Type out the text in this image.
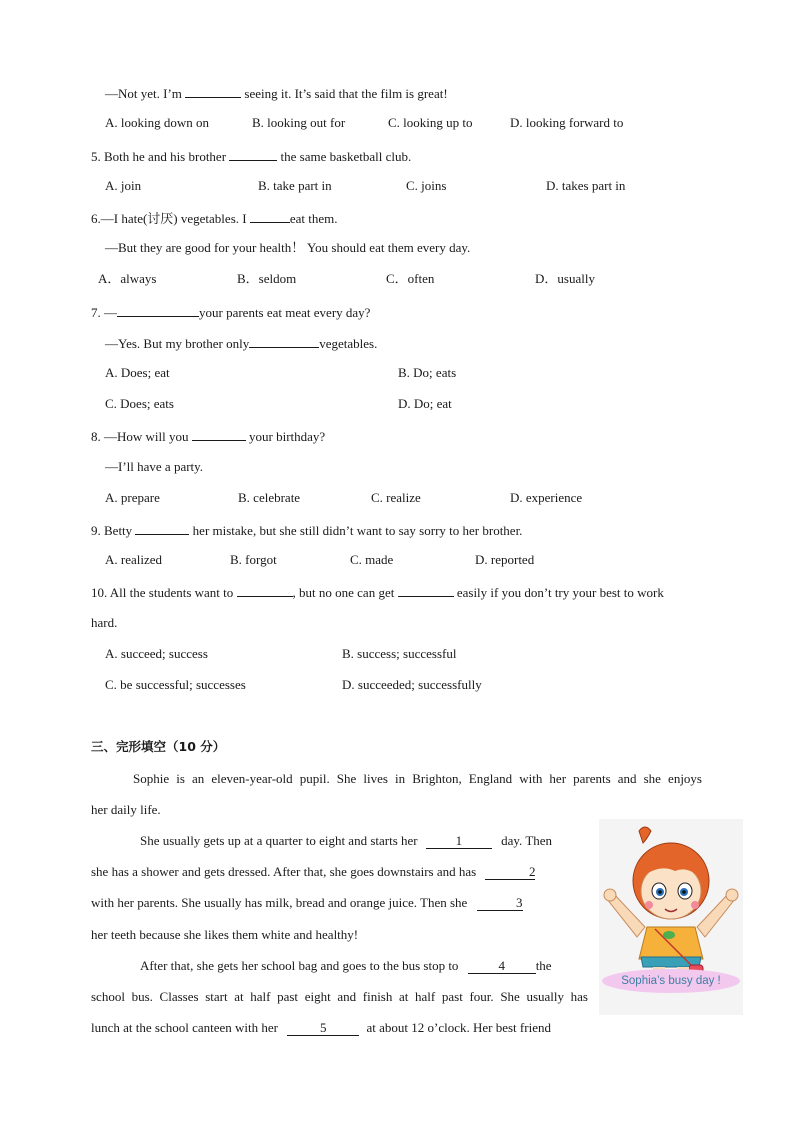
—Not yet. I’m	seeing it. It’s said that the film is great!
A. looking down on	B. looking out for	C. looking up to	D. looking forward to
5. Both he and his brother	the same basketball club.
A. join	B. take part in	C. joins	D. takes part in
6.—I hate(讨厌) vegetables. I	eat them.
—But they are good for your health！ You should eat them every day.
A．always	B．seldom	C．often	D．usually
7. —	your parents eat meat every day?
—Yes. But my brother only	vegetables.
A. Does; eat	B. Do; eats
C. Does; eats	D. Do; eat
8. —How will you	your birthday?
—I’ll have a party.
A. prepare	B. celebrate	C. realize	D. experience
9. Betty	her mistake, but she still didn’t want to say sorry to her brother.
A. realized	B. forgot	C. made	D. reported
10. All the students want to	, but no one can get	easily if you don’t try your best to work
hard.
A. succeed; success	B. success; successful
C. be successful; successes	D. succeeded; successfully
三、完形填空（10 分）
Sophie is an eleven-year-old pupil. She lives in Brighton, England with her parents and she enjoys
her daily life.
She usually gets up at a quarter to eight and starts her	1	day. Then
she has a shower and gets dressed. After that, she goes downstairs and has	2
with her parents. She usually has milk, bread and orange juice. Then she	3
her teeth because she likes them white and healthy!
After that, she gets her school bag and goes to the bus stop to	4 the
school bus. Classes start at half past eight and finish at half past four. She usually has
lunch at the school canteen with her	5	at about 12 o’clock. Her best friend
Sophia’s busy day !
